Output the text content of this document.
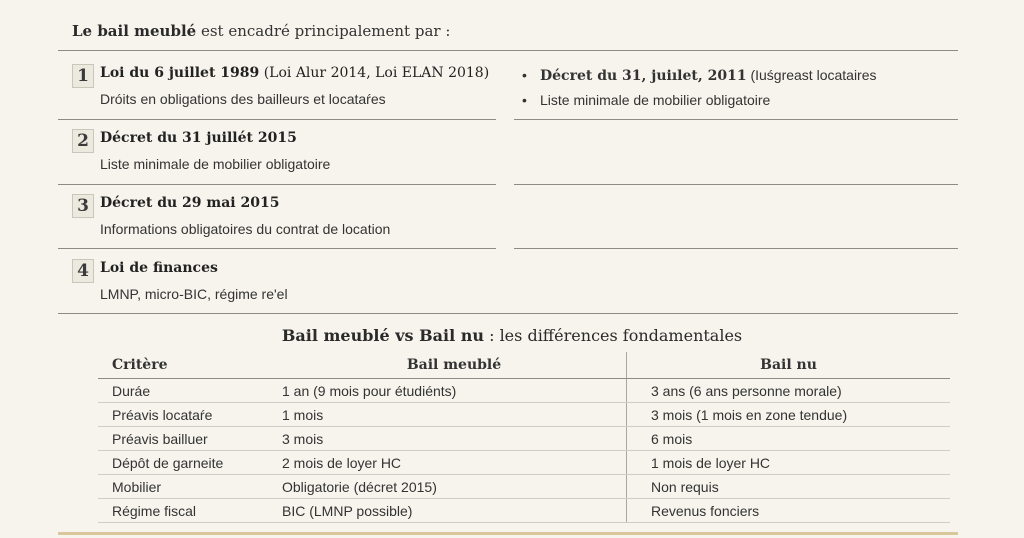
Le bail meublé est encadré principalement par :
1 Loi du 6 juillet 1989 (Loi Alur 2014, Loi ELAN 2018)
Dróits en obligations des bailleurs et locataŕes
2 Décret du 31 juillét 2015
Liste minimale de mobilier obligatoire
3 Décret du 29 mai 2015
Informations obligatoires du contrat de location
4 Loi de finances
LMNP, micro-BIC, régime re'el
• Décret du 31, juiılet, 2011 (Iuśgreast locataires
• Liste minimale de mobilier obligatoire
Bail meublé vs Bail nu : les différences fondamentales
Critère	Bail meublé	Bail nu
Duráe	1 an (9 mois pour étudiénts)	3 ans (6 ans personne morale)
Préavis locataŕe	1 mois	3 mois (1 mois en zone tendue)
Préavis bailluer	3 mois	6 mois
Dépôt de garneite	2 mois de loyer HC	1 mois de loyer HC
Mobilier	Obligatorie (décret 2015)	Non requis
Régime fiscal	BIC (LMNP possible)	Revenus fonciers
